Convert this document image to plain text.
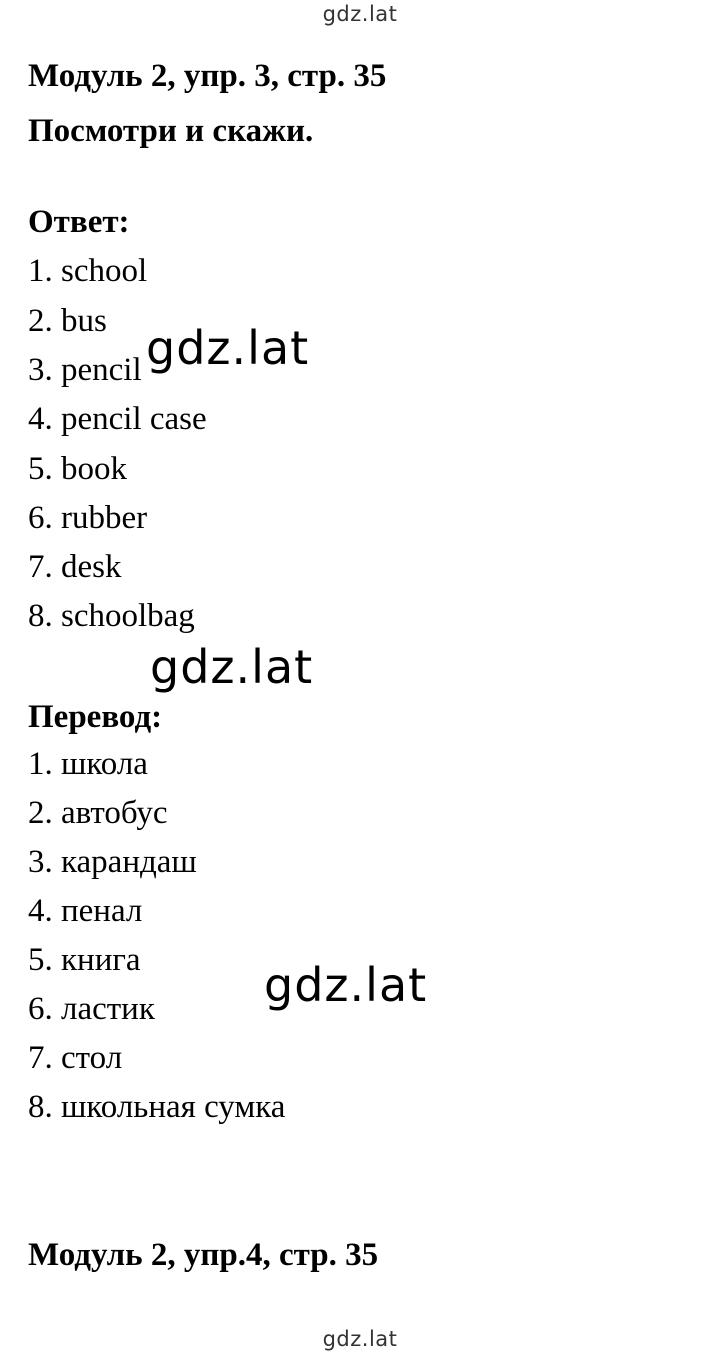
gdz.lat
Модуль 2, упр. 3, стр. 35
Посмотри и скажи.
Ответ:
1. school
2. bus
3. pencil
4. pencil case
5. book
6. rubber
7. desk
8. schoolbag
Перевод:
1. школа
2. автобус
3. карандаш
4. пенал
5. книга
6. ластик
7. стол
8. школьная сумка
Модуль 2, упр.4, стр. 35
gdz.lat
gdz.lat
gdz.lat
gdz.lat
